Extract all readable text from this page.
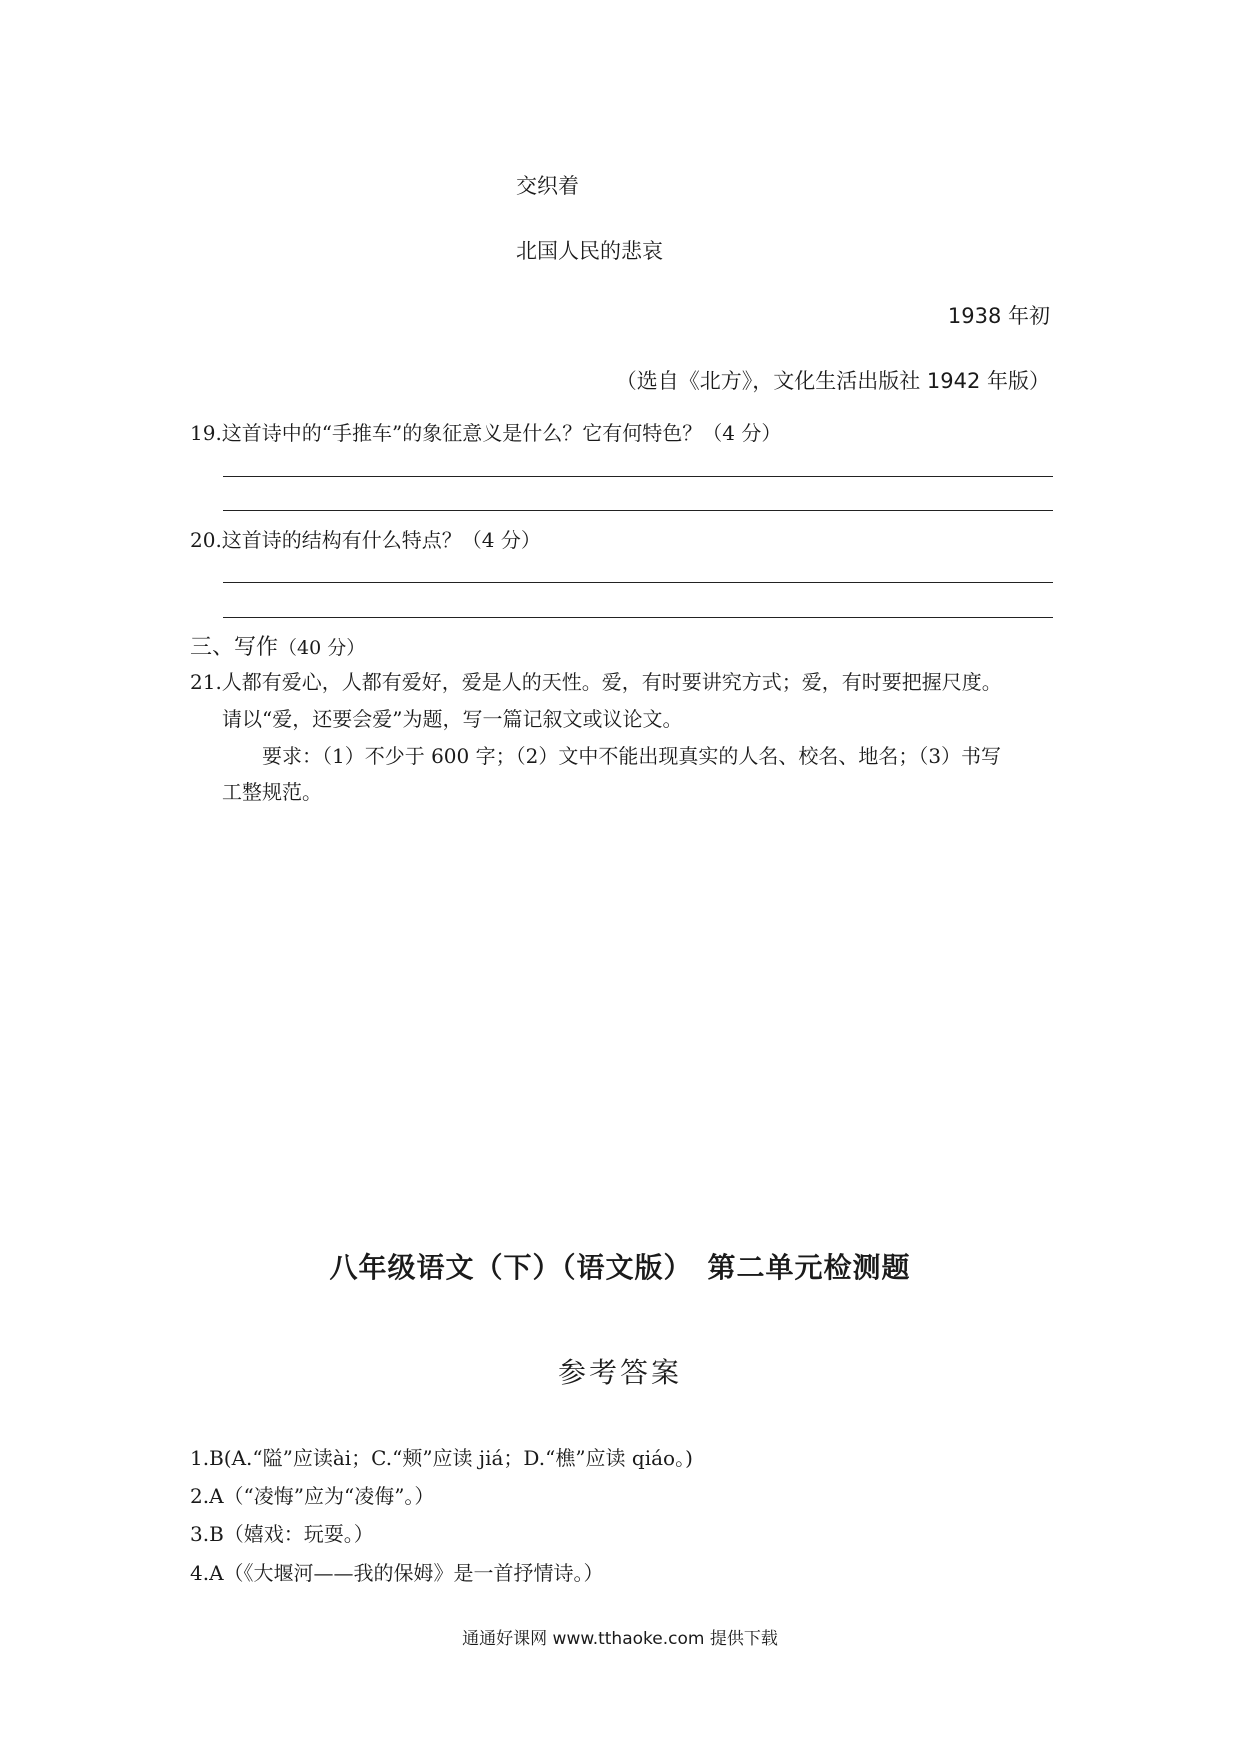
交织着
北国人民的悲哀
1938 年初
（选自《北方》，文化生活出版社 1942 年版）
19.这首诗中的“手推车”的象征意义是什么？它有何特色？（4 分）
20.这首诗的结构有什么特点？（4 分）
三、写作（40 分）
21.人都有爱心，人都有爱好，爱是人的天性。爱，有时要讲究方式；爱，有时要把握尺度。
请以“爱，还要会爱”为题，写一篇记叙文或议论文。
要求：（1）不少于 600 字；（2）文中不能出现真实的人名、校名、地名；（3）书写
工整规范。
八年级语文（下）（语文版）　第二单元检测题
参考答案
1.B(A.“隘”应读ài；C.“颊”应读 jiá；D.“樵”应读 qiáo。)
2.A（“凌悔”应为“凌侮”。）
3.B（嬉戏：玩耍。）
4.A（《大堰河——我的保姆》是一首抒情诗。）
通通好课网 www.tthaoke.com 提供下载
